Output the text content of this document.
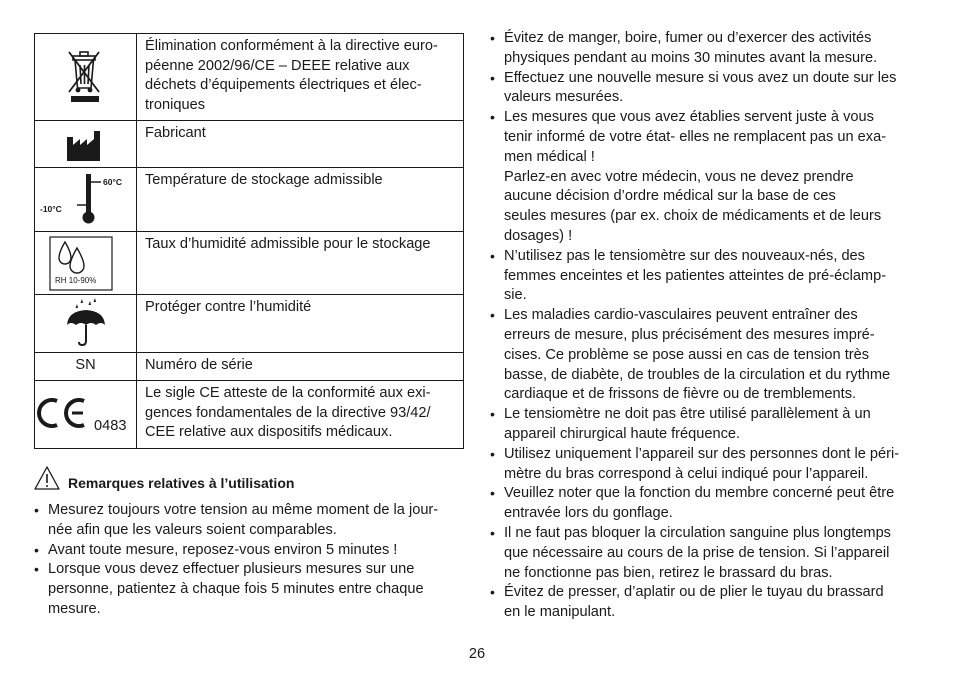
	Élimination conformément à la directive euro-
péenne 2002/96/CE – DEEE relative aux
déchets d’équipements électriques et élec-
troniques

	Fabricant

60°C
-10°C	Température de stockage admissible

RH 10-90%	Taux d’humidité admissible pour le stockage

	Protéger contre l’humidité

SN	Numéro de série

0483	Le sigle CE atteste de la conformité aux exi-
gences fondamentales de la directive 93/42/
CEE relative aux dispositifs médicaux.
Remarques relatives à l’utilisation
• Mesurez toujours votre tension au même moment de la jour-
née afin que les valeurs soient comparables.
• Avant toute mesure, reposez-vous environ 5 minutes !
• Lorsque vous devez effectuer plusieurs mesures sur une
personne, patientez à chaque fois 5 minutes entre chaque
mesure.
• Évitez de manger, boire, fumer ou d’exercer des activités
physiques pendant au moins 30 minutes avant la mesure.
• Effectuez une nouvelle mesure si vous avez un doute sur les
valeurs mesurées.
• Les mesures que vous avez établies servent juste à vous
tenir informé de votre état- elles ne remplacent pas un exa-
men médical !
Parlez-en avec votre médecin, vous ne devez prendre
aucune décision d’ordre médical sur la base de ces
seules mesures (par ex. choix de médicaments et de leurs
dosages) !
• N’utilisez pas le tensiomètre sur des nouveaux-nés, des
femmes enceintes et les patientes atteintes de pré-éclamp-
sie.
• Les maladies cardio-vasculaires peuvent entraîner des
erreurs de mesure, plus précisément des mesures impré-
cises. Ce problème se pose aussi en cas de tension très
basse, de diabète, de troubles de la circulation et du rythme
cardiaque et de frissons de fièvre ou de tremblements.
• Le tensiomètre ne doit pas être utilisé parallèlement à un
appareil chirurgical haute fréquence.
• Utilisez uniquement l’appareil sur des personnes dont le péri-
mètre du bras correspond à celui indiqué pour l’appareil.
• Veuillez noter que la fonction du membre concerné peut être
entravée lors du gonflage.
• Il ne faut pas bloquer la circulation sanguine plus longtemps
que nécessaire au cours de la prise de tension. Si l’appareil
ne fonctionne pas bien, retirez le brassard du bras.
• Évitez de presser, d’aplatir ou de plier le tuyau du brassard
en le manipulant.
26
